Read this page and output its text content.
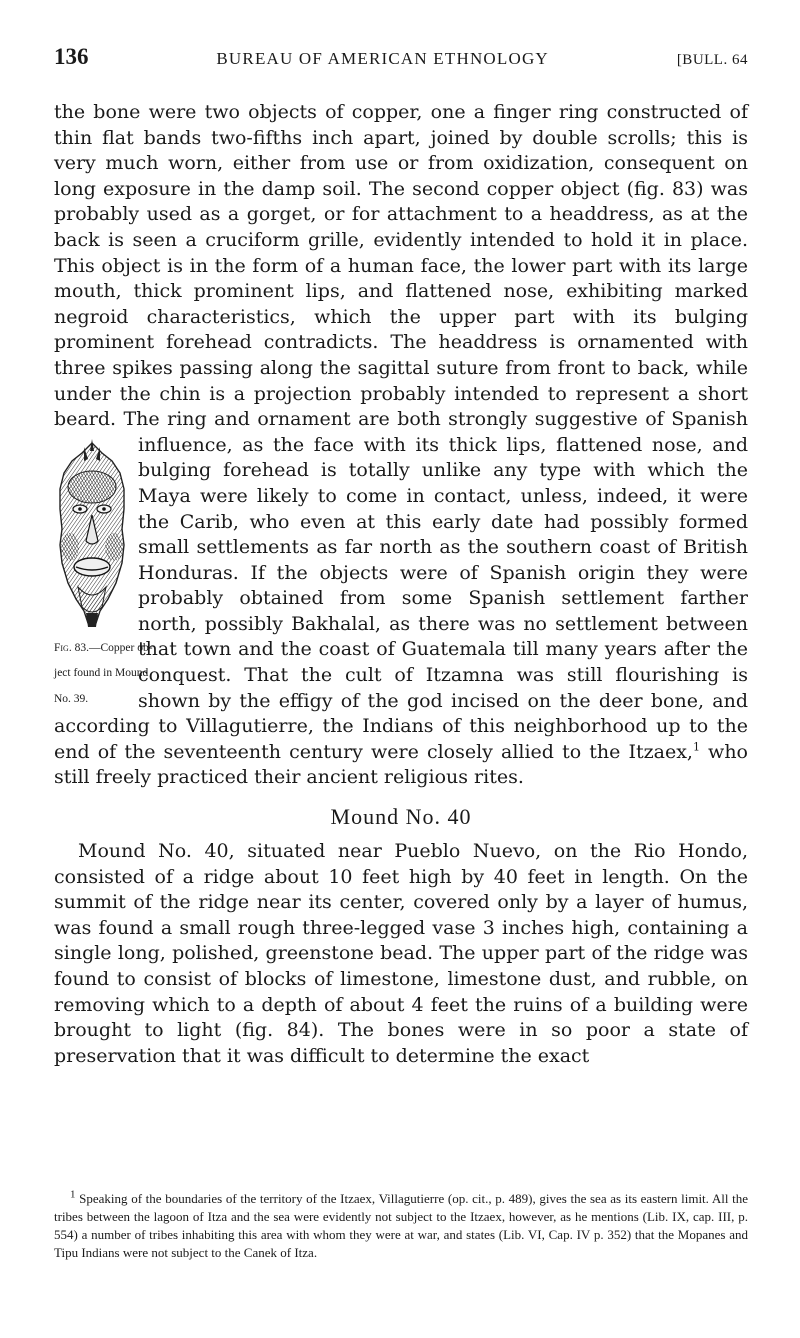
136	BUREAU OF AMERICAN ETHNOLOGY	[BULL. 64

the bone were two objects of copper, one a finger ring constructed of thin flat bands two-fifths inch apart, joined by double scrolls; this is very much worn, either from use or from oxidization, consequent on long exposure in the damp soil. The second copper object (fig. 83) was probably used as a gorget, or for attachment to a headdress, as at the back is seen a cruciform grille, evidently intended to hold it in place. This object is in the form of a human face, the lower part with its large mouth, thick prominent lips, and flattened nose, exhibiting marked negroid characteristics, which the upper part with its bulging prominent forehead contradicts. The headdress is ornamented with three spikes passing along the sagittal suture from front to back, while under the chin is a projection probably intended to represent a short beard. The ring and ornament are both strongly suggestive of Spanish influence, as the
Fig. 83.—Copper ob-
ject found in Mound
No. 39.
face with its thick lips, flattened nose, and bulging forehead is totally unlike any type with which the Maya were likely to come in contact, unless, indeed, it were the Carib, who even at this early date had possibly formed small settlements as far north as the southern coast of British Honduras. If the objects were of Spanish origin they were probably obtained from some Spanish settlement farther north, possibly Bakhalal, as there was no settlement between that town and the coast of Guatemala till many years after the conquest. That the cult of Itzamna was still flourishing is shown by the effigy of the god incised on the deer bone, and according to Villagutierre, the Indians of this neighborhood up to the end of the seventeenth century were closely allied to the Itzaex,$^1$ who still freely practiced their ancient religious rites.

Mound No. 40

Mound No. 40, situated near Pueblo Nuevo, on the Rio Hondo, consisted of a ridge about 10 feet high by 40 feet in length. On the summit of the ridge near its center, covered only by a layer of humus, was found a small rough three-legged vase 3 inches high, containing a single long, polished, greenstone bead. The upper part of the ridge was found to consist of blocks of limestone, limestone dust, and rubble, on removing which to a depth of about 4 feet the ruins of a building were brought to light (fig. 84). The bones were in so poor a state of preservation that it was difficult to determine the exact

$^1$ Speaking of the boundaries of the territory of the Itzaex, Villagutierre (op. cit., p. 489), gives the sea as its eastern limit. All the tribes between the lagoon of Itza and the sea were evidently not subject to the Itzaex, however, as he mentions (Lib. IX, cap. III, p. 554) a number of tribes inhabiting this area with whom they were at war, and states (Lib. VI, Cap. IV p. 352) that the Mopanes and Tipu Indians were not subject to the Canek of Itza.
